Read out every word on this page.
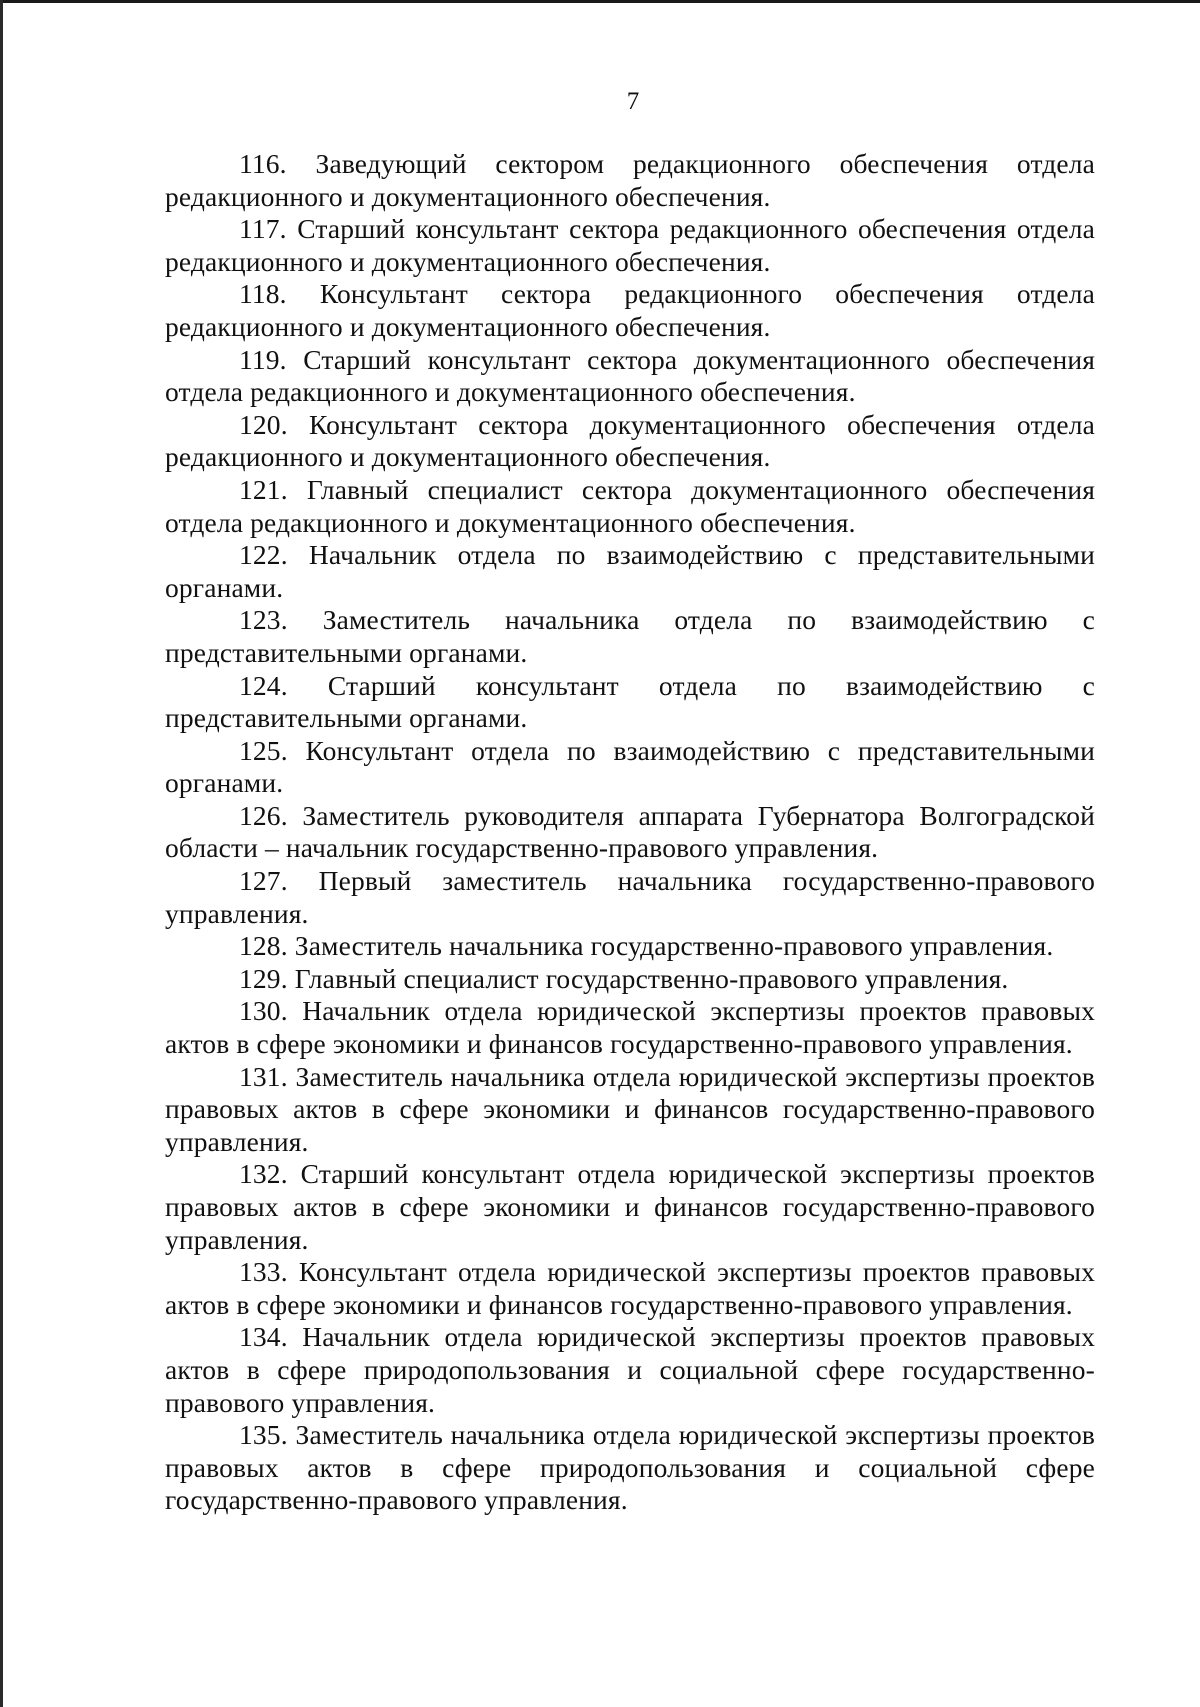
7

116. Заведующий сектором редакционного обеспечения отдела редакционного и документационного обеспечения.

117. Старший консультант сектора редакционного обеспечения отдела редакционного и документационного обеспечения.

118. Консультант сектора редакционного обеспечения отдела редакционного и документационного обеспечения.

119. Старший консультант сектора документационного обеспечения отдела редакционного и документационного обеспечения.

120. Консультант сектора документационного обеспечения отдела редакционного и документационного обеспечения.

121. Главный специалист сектора документационного обеспечения отдела редакционного и документационного обеспечения.

122. Начальник отдела по взаимодействию с представительными органами.

123. Заместитель начальника отдела по взаимодействию с представительными органами.

124. Старший консультант отдела по взаимодействию с представительными органами.

125. Консультант отдела по взаимодействию с представительными органами.

126. Заместитель руководителя аппарата Губернатора Волгоградской области – начальник государственно-правового управления.

127. Первый заместитель начальника государственно-правового управления.

128. Заместитель начальника государственно-правового управления.

129. Главный специалист государственно-правового управления.

130. Начальник отдела юридической экспертизы проектов правовых актов в сфере экономики и финансов государственно-правового управления.

131. Заместитель начальника отдела юридической экспертизы проектов правовых актов в сфере экономики и финансов государственно-правового управления.

132. Старший консультант отдела юридической экспертизы проектов правовых актов в сфере экономики и финансов государственно-правового управления.

133. Консультант отдела юридической экспертизы проектов правовых актов в сфере экономики и финансов государственно-правового управления.

134. Начальник отдела юридической экспертизы проектов правовых актов в сфере природопользования и социальной сфере государственно-правового управления.

135. Заместитель начальника отдела юридической экспертизы проектов правовых актов в сфере природопользования и социальной сфере государственно-правового управления.
